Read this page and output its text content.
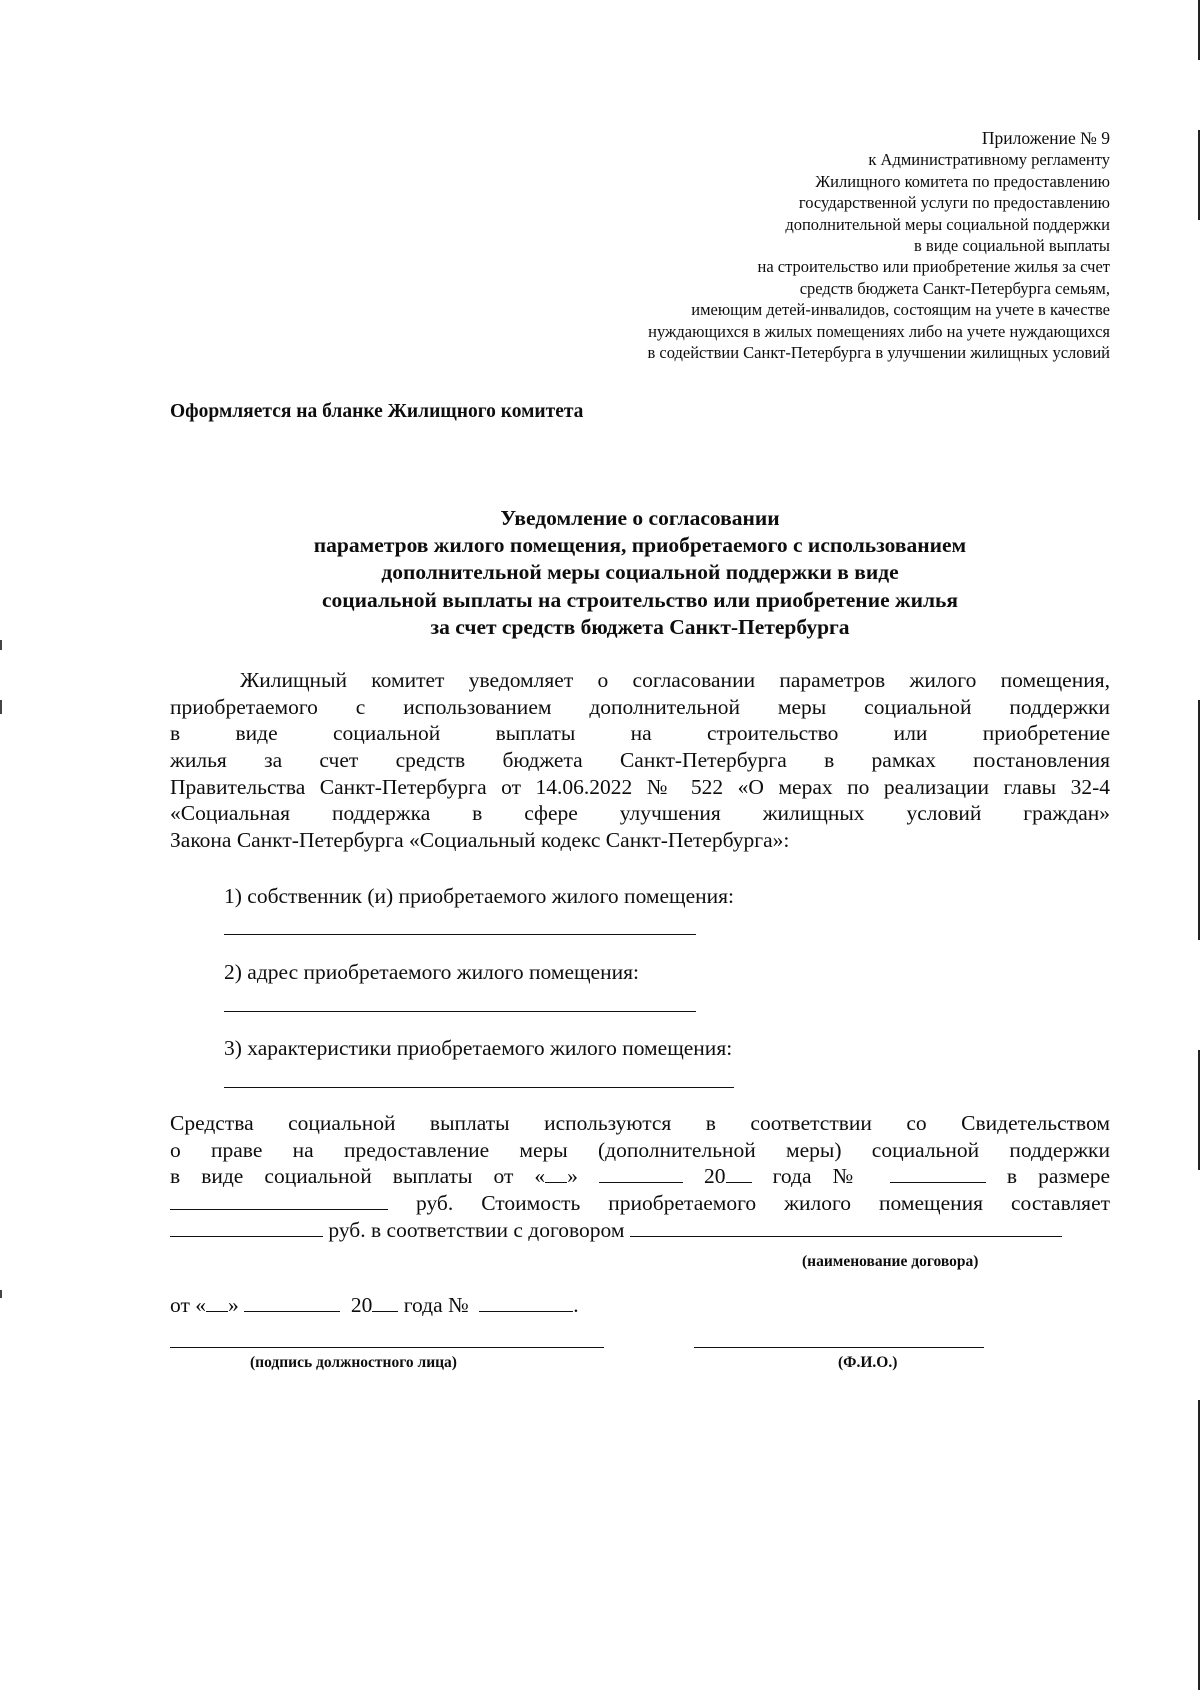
Приложение № 9
к Административному регламенту
Жилищного комитета по предоставлению
государственной услуги по предоставлению
дополнительной меры социальной поддержки
в виде социальной выплаты
на строительство или приобретение жилья за счет
средств бюджета Санкт-Петербурга семьям,
имеющим детей-инвалидов, состоящим на учете в качестве
нуждающихся в жилых помещениях либо на учете нуждающихся
в содействии Санкт-Петербурга в улучшении жилищных условий
Оформляется на бланке Жилищного комитета
Уведомление о согласовании
параметров жилого помещения, приобретаемого с использованием
дополнительной меры социальной поддержки в виде
социальной выплаты на строительство или приобретение жилья
за счет средств бюджета Санкт-Петербурга
Жилищный комитет уведомляет о согласовании параметров жилого помещения,
приобретаемого с использованием дополнительной меры социальной поддержки
в виде социальной выплаты на строительство или приобретение
жилья за счет средств бюджета Санкт-Петербурга в рамках постановления
Правительства Санкт-Петербурга от 14.06.2022 № 522 «О мерах по реализации главы 32-4
«Социальная поддержка в сфере улучшения жилищных условий граждан»
Закона Санкт-Петербурга «Социальный кодекс Санкт-Петербурга»:
1) собственник (и) приобретаемого жилого помещения:
2) адрес приобретаемого жилого помещения:
3) характеристики приобретаемого жилого помещения:
Средства социальной выплаты используются в соответствии со Свидетельством
о праве на предоставление меры (дополнительной меры) социальной поддержки
в виде социальной выплаты от « »	20 года №	в размере
руб. Стоимость приобретаемого жилого помещения составляет
руб. в соответствии с договором
(наименование договора)
от « »	20 года №	.
(подпись должностного лица)	(Ф.И.О.)
